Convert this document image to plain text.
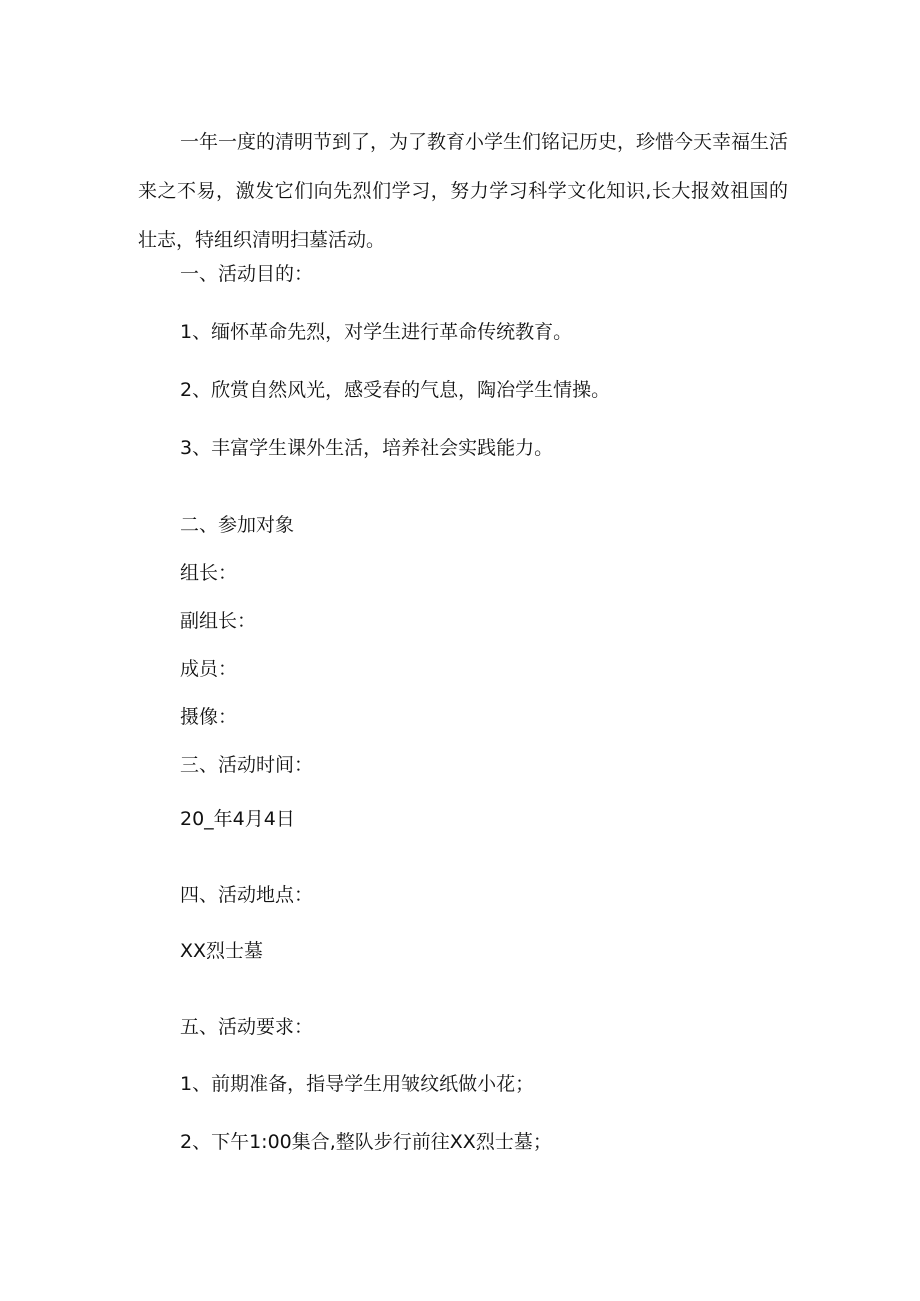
一年一度的清明节到了，为了教育小学生们铭记历史，珍惜今天幸福生活来之不易，激发它们向先烈们学习，努力学习科学文化知识,长大报效祖国的壮志，特组织清明扫墓活动。

一、活动目的：

1、缅怀革命先烈，对学生进行革命传统教育。

2、欣赏自然风光，感受春的气息，陶冶学生情操。

3、丰富学生课外生活，培养社会实践能力。

二、参加对象

组长：

副组长：

成员：

摄像：

三、活动时间：

20_年4月4日

四、活动地点：

XX烈士墓

五、活动要求：

1、前期准备，指导学生用皱纹纸做小花；

2、下午1:00集合,整队步行前往XX烈士墓；
